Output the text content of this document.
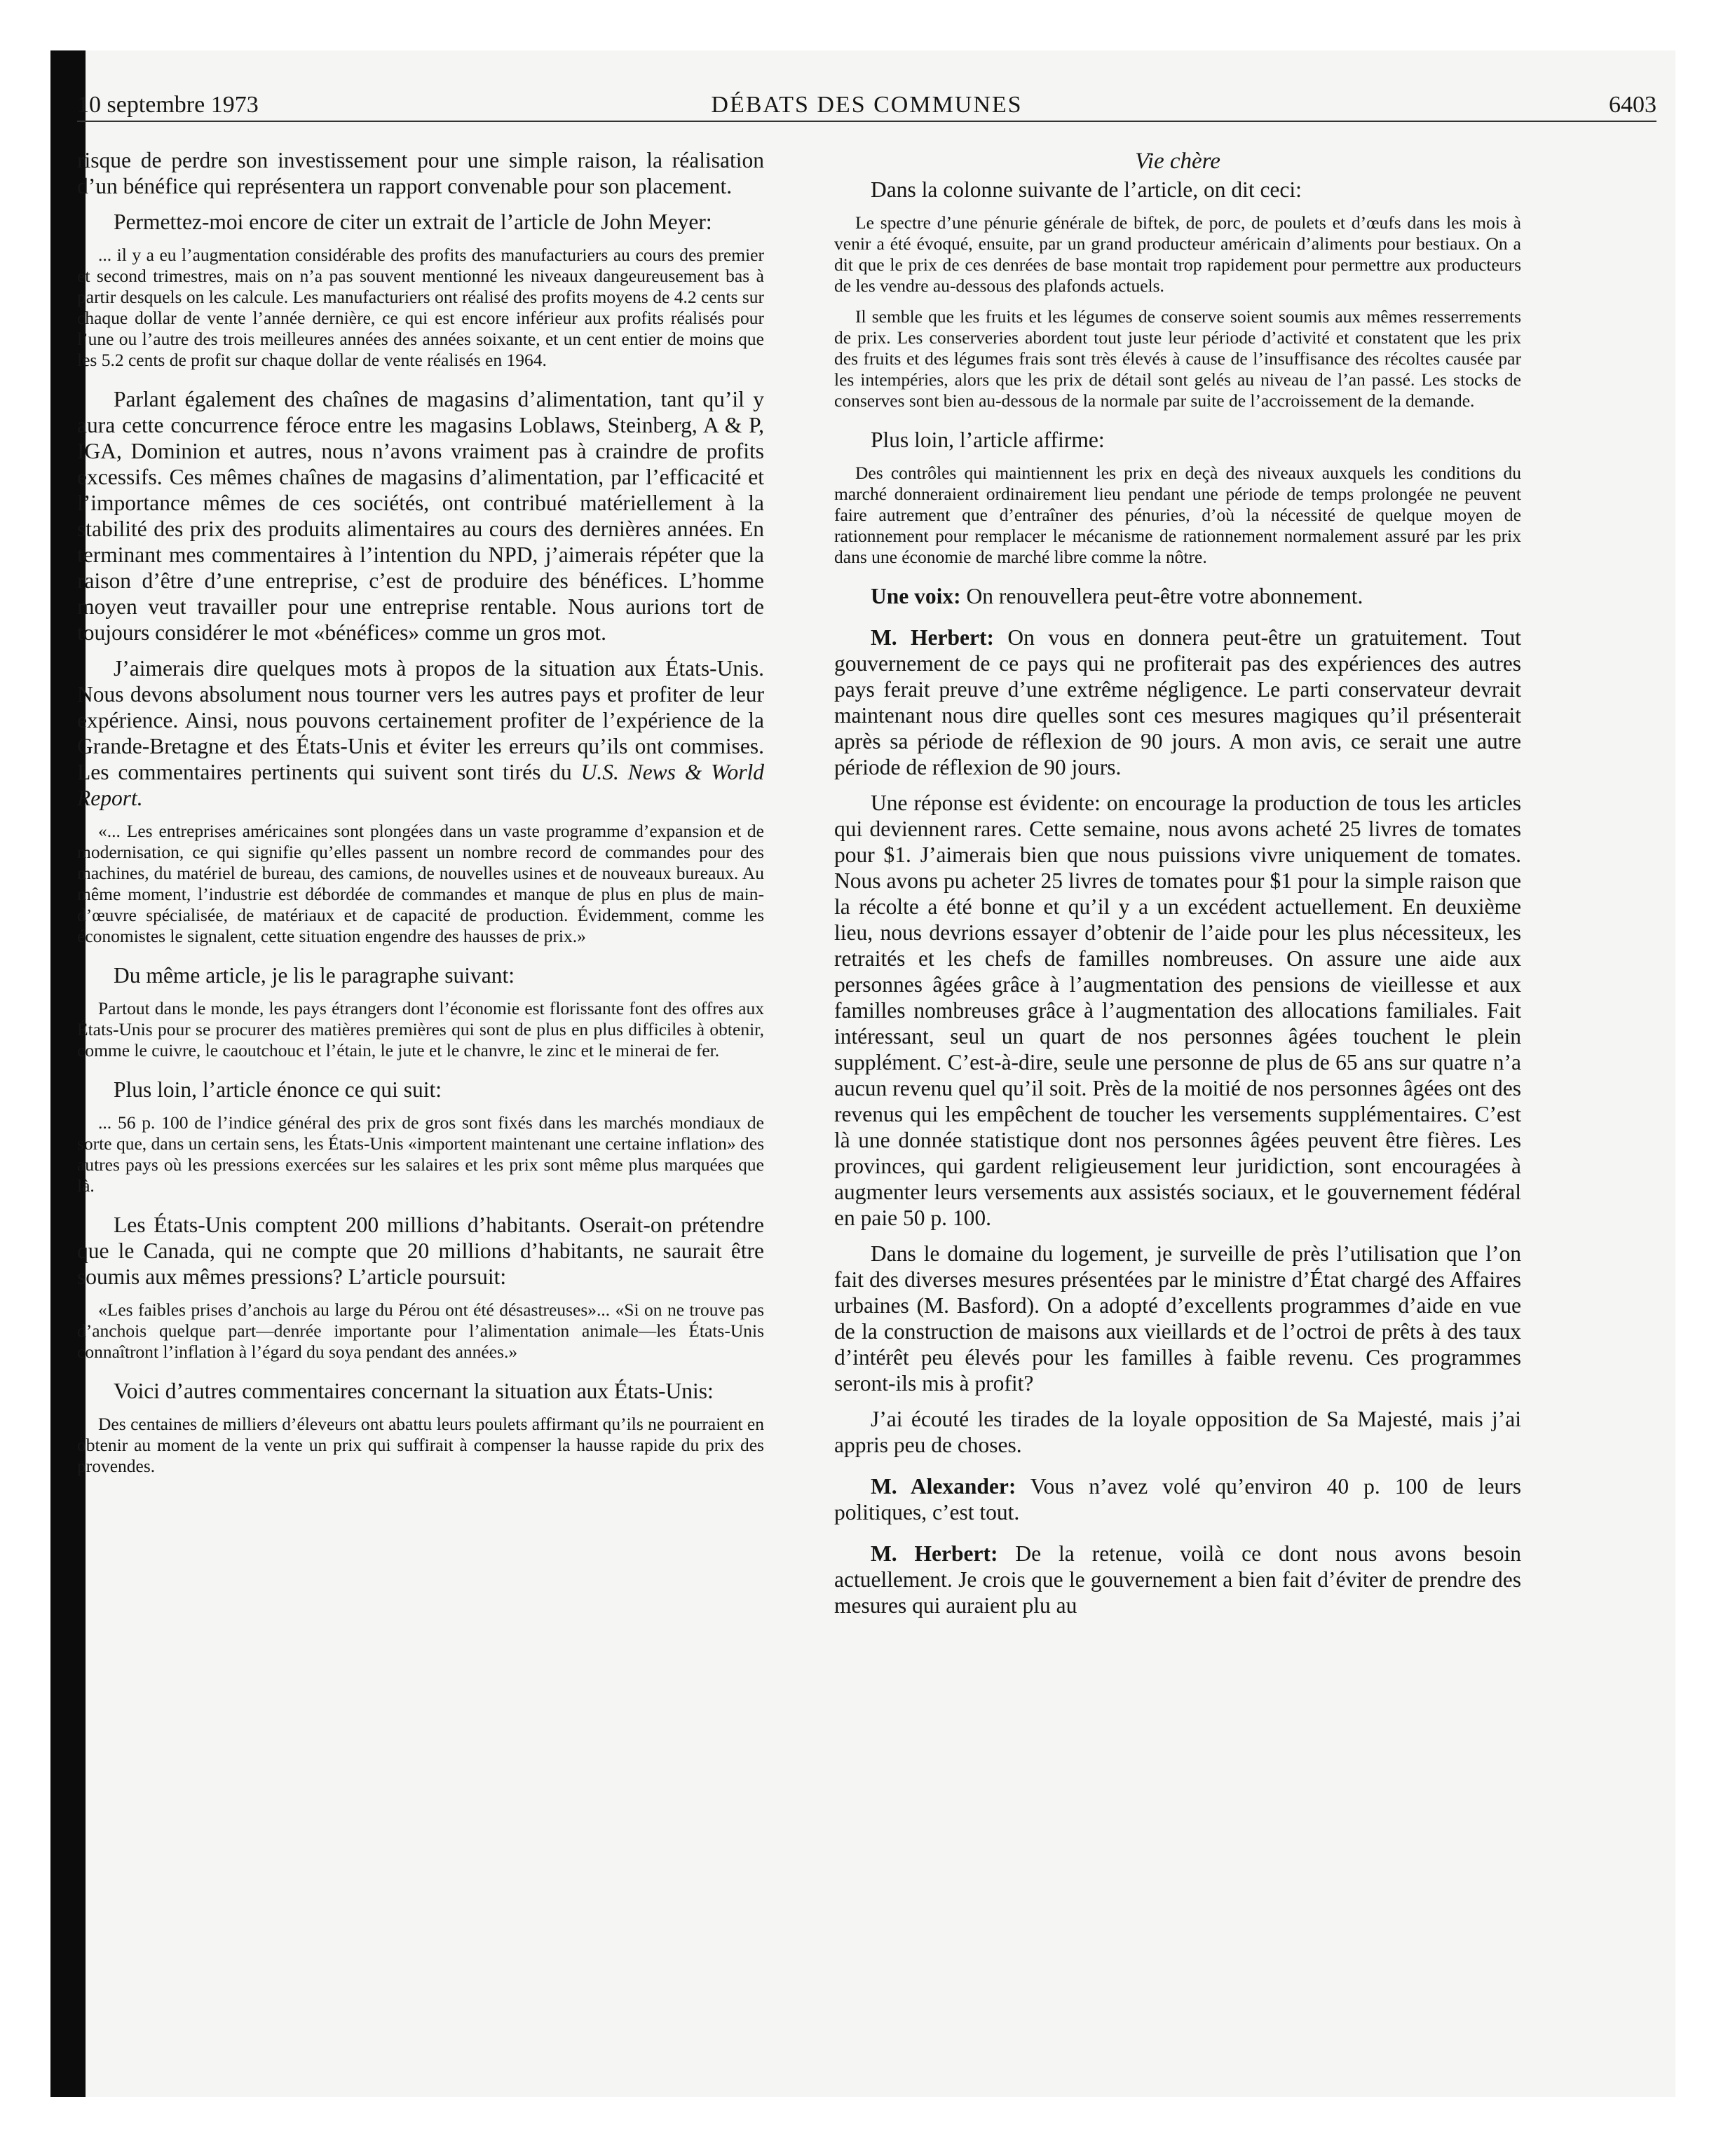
10 septembre 1973	DÉBATS DES COMMUNES	6403

risque de perdre son investissement pour une simple raison, la réalisation d’un bénéfice qui représentera un rapport convenable pour son placement.

Permettez-moi encore de citer un extrait de l’article de John Meyer:

... il y a eu l’augmentation considérable des profits des manufacturiers au cours des premier et second trimestres, mais on n’a pas souvent mentionné les niveaux dangeureusement bas à partir desquels on les calcule. Les manufacturiers ont réalisé des profits moyens de 4.2 cents sur chaque dollar de vente l’année dernière, ce qui est encore inférieur aux profits réalisés pour l’une ou l’autre des trois meilleures années des années soixante, et un cent entier de moins que les 5.2 cents de profit sur chaque dollar de vente réalisés en 1964.

Parlant également des chaînes de magasins d’alimentation, tant qu’il y aura cette concurrence féroce entre les magasins Loblaws, Steinberg, A & P, IGA, Dominion et autres, nous n’avons vraiment pas à craindre de profits excessifs. Ces mêmes chaînes de magasins d’alimentation, par l’efficacité et l’importance mêmes de ces sociétés, ont contribué matériellement à la stabilité des prix des produits alimentaires au cours des dernières années. En terminant mes commentaires à l’intention du NPD, j’aimerais répéter que la raison d’être d’une entreprise, c’est de produire des bénéfices. L’homme moyen veut travailler pour une entreprise rentable. Nous aurions tort de toujours considérer le mot «bénéfices» comme un gros mot.

J’aimerais dire quelques mots à propos de la situation aux États-Unis. Nous devons absolument nous tourner vers les autres pays et profiter de leur expérience. Ainsi, nous pouvons certainement profiter de l’expérience de la Grande-Bretagne et des États-Unis et éviter les erreurs qu’ils ont commises. Les commentaires pertinents qui suivent sont tirés du U.S. News & World Report.

«... Les entreprises américaines sont plongées dans un vaste programme d’expansion et de modernisation, ce qui signifie qu’elles passent un nombre record de commandes pour des machines, du matériel de bureau, des camions, de nouvelles usines et de nouveaux bureaux. Au même moment, l’industrie est débordée de commandes et manque de plus en plus de main-d’œuvre spécialisée, de matériaux et de capacité de production. Évidemment, comme les économistes le signalent, cette situation engendre des hausses de prix.»

Du même article, je lis le paragraphe suivant:

Partout dans le monde, les pays étrangers dont l’économie est florissante font des offres aux États-Unis pour se procurer des matières premières qui sont de plus en plus difficiles à obtenir, comme le cuivre, le caoutchouc et l’étain, le jute et le chanvre, le zinc et le minerai de fer.

Plus loin, l’article énonce ce qui suit:

... 56 p. 100 de l’indice général des prix de gros sont fixés dans les marchés mondiaux de sorte que, dans un certain sens, les États-Unis «importent maintenant une certaine inflation» des autres pays où les pressions exercées sur les salaires et les prix sont même plus marquées que là.

Les États-Unis comptent 200 millions d’habitants. Oserait-on prétendre que le Canada, qui ne compte que 20 millions d’habitants, ne saurait être soumis aux mêmes pressions? L’article poursuit:

«Les faibles prises d’anchois au large du Pérou ont été désastreuses»... «Si on ne trouve pas d’anchois quelque part—denrée importante pour l’alimentation animale—les États-Unis connaîtront l’inflation à l’égard du soya pendant des années.»

Voici d’autres commentaires concernant la situation aux États-Unis:

Des centaines de milliers d’éleveurs ont abattu leurs poulets affirmant qu’ils ne pourraient en obtenir au moment de la vente un prix qui suffirait à compenser la hausse rapide du prix des provendes.

Vie chère

Dans la colonne suivante de l’article, on dit ceci:

Le spectre d’une pénurie générale de biftek, de porc, de poulets et d’œufs dans les mois à venir a été évoqué, ensuite, par un grand producteur américain d’aliments pour bestiaux. On a dit que le prix de ces denrées de base montait trop rapidement pour permettre aux producteurs de les vendre au-dessous des plafonds actuels.

Il semble que les fruits et les légumes de conserve soient soumis aux mêmes resserrements de prix. Les conserveries abordent tout juste leur période d’activité et constatent que les prix des fruits et des légumes frais sont très élevés à cause de l’insuffisance des récoltes causée par les intempéries, alors que les prix de détail sont gelés au niveau de l’an passé. Les stocks de conserves sont bien au-dessous de la normale par suite de l’accroissement de la demande.

Plus loin, l’article affirme:

Des contrôles qui maintiennent les prix en deçà des niveaux auxquels les conditions du marché donneraient ordinairement lieu pendant une période de temps prolongée ne peuvent faire autrement que d’entraîner des pénuries, d’où la nécessité de quelque moyen de rationnement pour remplacer le mécanisme de rationnement normalement assuré par les prix dans une économie de marché libre comme la nôtre.

Une voix: On renouvellera peut-être votre abonnement.

M. Herbert: On vous en donnera peut-être un gratuitement. Tout gouvernement de ce pays qui ne profiterait pas des expériences des autres pays ferait preuve d’une extrême négligence. Le parti conservateur devrait maintenant nous dire quelles sont ces mesures magiques qu’il présenterait après sa période de réflexion de 90 jours. A mon avis, ce serait une autre période de réflexion de 90 jours.

Une réponse est évidente: on encourage la production de tous les articles qui deviennent rares. Cette semaine, nous avons acheté 25 livres de tomates pour $1. J’aimerais bien que nous puissions vivre uniquement de tomates. Nous avons pu acheter 25 livres de tomates pour $1 pour la simple raison que la récolte a été bonne et qu’il y a un excédent actuellement. En deuxième lieu, nous devrions essayer d’obtenir de l’aide pour les plus nécessiteux, les retraités et les chefs de familles nombreuses. On assure une aide aux personnes âgées grâce à l’augmentation des pensions de vieillesse et aux familles nombreuses grâce à l’augmentation des allocations familiales. Fait intéressant, seul un quart de nos personnes âgées touchent le plein supplément. C’est-à-dire, seule une personne de plus de 65 ans sur quatre n’a aucun revenu quel qu’il soit. Près de la moitié de nos personnes âgées ont des revenus qui les empêchent de toucher les versements supplémentaires. C’est là une donnée statistique dont nos personnes âgées peuvent être fières. Les provinces, qui gardent religieusement leur juridiction, sont encouragées à augmenter leurs versements aux assistés sociaux, et le gouvernement fédéral en paie 50 p. 100.

Dans le domaine du logement, je surveille de près l’utilisation que l’on fait des diverses mesures présentées par le ministre d’État chargé des Affaires urbaines (M. Basford). On a adopté d’excellents programmes d’aide en vue de la construction de maisons aux vieillards et de l’octroi de prêts à des taux d’intérêt peu élevés pour les familles à faible revenu. Ces programmes seront-ils mis à profit?

J’ai écouté les tirades de la loyale opposition de Sa Majesté, mais j’ai appris peu de choses.

M. Alexander: Vous n’avez volé qu’environ 40 p. 100 de leurs politiques, c’est tout.

M. Herbert: De la retenue, voilà ce dont nous avons besoin actuellement. Je crois que le gouvernement a bien fait d’éviter de prendre des mesures qui auraient plu au
